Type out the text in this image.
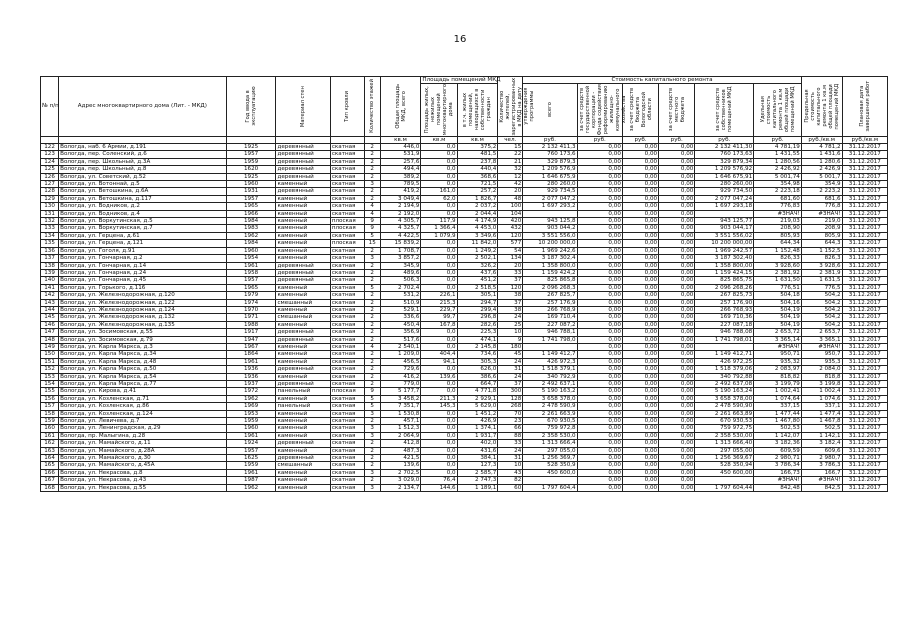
16
№ п/п	Адрес многоквартирного дома (Лит. - МКД)	Год ввода в эксплуатацию	Материал стен	Тип кровли	Количество этажей	Общая площадь МКД, всего	Площадь помещений МКД		Количество жителей, зарегистрированных в МКД на дату утверждения программы	Стоимость капитального ремонта						Предельная стоимость капитального ремонта 1 кв.м общей площади помещений МКД	Плановая дата завершения работ

							Площадь жилых, нежилых помещений многоквартирного дома	в т.ч. жилых помещений, находящихся в собственности граждан		всего	за счет средств государственной корпорации - Фонда содействия реформированию жилищно-коммунального хозяйства	за счет средств бюджета Вологодской области	за счет средств местного бюджета	за счет средств собственников помещений МКД	Удельная стоимость капитального ремонта 1 кв.м общей площади помещений МКД		

						кв.м	кв.м	кв.м	чел.	руб.	руб.	руб.	руб.	руб.	руб.	руб./кв.м	руб./кв.м
122	Вологда, наб. 6 Армии, д.191	1925	деревянный	скатная	2	446,0	0,0	375,2	15	2 132 411,3	0,00	0,00	0,00	2 132 411,30	4 781,19	4 781,2	31.12.2017
123	Вологда, пер. Соленский, д.6	1957	деревянный	скатная	2	531,9	0,0	481,5	22	760 173,6	0,00	0,00	0,00	760 173,63	1 431,55	1 431,6	31.12.2017
124	Вологда, пер. Школьный, д.3А	1959	деревянный	скатная	2	257,6	0,0	237,8	21	329 879,3	0,00	0,00	0,00	329 879,34	1 280,56	1 280,6	31.12.2017
125	Вологда, пер. Школьный, д.8	1620	деревянный	скатная	2	494,4	0,0	440,4	32	1 209 576,9	0,00	0,00	0,00	1 209 576,92	2 426,92	2 426,9	31.12.2017
126	Вологда, ул. Советский, д.52	1925	деревянный	скатная	2	389,2	0,0	368,6	12	1 646 675,9	0,00	0,00	0,00	1 646 675,91	5 001,74	5 001,7	31.12.2017
127	Вологда, ул. Вотоннай, д.5	1960	каменный	скатная	3	789,5	0,0	721,5	42	280 260,0	0,00	0,00	0,00	280 260,00	354,98	354,9	31.12.2017
128	Вологда, ул. Ветошкина, д.6А	1931	деревянный	скатная	2	419,2	161,0	257,2	20	929 734,5	0,00	0,00	0,00	929 734,50	2 223,18	2 223,2	31.12.2017
129	Вологда, ул. Ветошкина, д.117	1957	каменный	скатная	2	3 049,4	62,0	1 826,7	48	2 077 047,2	0,00	0,00	0,00	2 077 047,24	681,60	681,6	31.12.2017
130	Вологда, ул. Водников, д.2	1965	каменный	скатная	4	2 194,9	0,0	2 037,2	100	1 697 293,2	0,00	0,00	0,00	1 697 293,18	776,83	776,8	31.12.2017
131	Вологда, ул. Водников, д.4	1966	каменный	скатная	4	2 192,0	0,0	2 044,4	104		0,00	0,00	0,00		#ЗНАЧ!	#ЗНАЧ!	31.12.2017
132	Вологда, ул. Воркутинская, д.5	1984	каменный	плоская	9	4 305,7	117,9	4 174,9	420	943 125,8	0,00	0,00	0,00	943 125,77	219,03	219,0	31.12.2017
133	Вологда, ул. Воркутинская, д.7	1983	каменный	плоская	9	4 325,7	1 366,4	4 453,0	432	903 044,2	0,00	0,00	0,00	903 044,17	208,90	208,9	31.12.2017
134	Вологда, ул. Герцена, д.61	1962	каменный	скатная	5	4 422,5	1 079,9	3 349,6	120	3 551 556,0	0,00	0,00	0,00	3 551 556,02	805,93	805,9	31.12.2017
135	Вологда, ул. Герцена, д.121	1984	каменный	плоская	15	15 839,2	0,0	11 842,0	577	10 200 000,0	0,00	0,00	0,00	10 200 000,00	644,34	644,3	31.12.2017
136	Вологда, ул. Гоголя, д.91	1960	каменный	скатная	2	1 708,7	0,0	1 249,2	54	1 969 242,6	0,00	0,00	0,00	1 969 242,57	1 152,48	1 152,5	31.12.2017
137	Вологда, ул. Гончарная, д.2	1954	каменный	скатная	3	3 857,2	0,0	2 502,1	134	3 187 302,4	0,00	0,00	0,00	3 187 302,40	826,33	826,3	31.12.2017
138	Вологда, ул. Гончарная, д.14	1961	деревянный	скатная	2	345,9	0,0	326,2	20	1 358 800,0	0,00	0,00	0,00	1 358 800,00	3 928,60	3 928,6	31.12.2017
139	Вологда, ул. Гончарная, д.24	1958	деревянный	скатная	2	489,6	0,0	437,6	33	1 159 424,2	0,00	0,00	0,00	1 159 424,15	2 381,92	2 381,9	31.12.2017
140	Вологда, ул. Гончарная, д.45	1957	деревянный	скатная	2	506,3	0,0	451,2	37	825 865,8	0,00	0,00	0,00	825 865,75	1 631,50	1 631,5	31.12.2017
141	Вологда, ул. Горького, д.116	1965	каменный	скатная	5	2 702,4	0,0	2 518,5	120	2 096 268,3	0,00	0,00	0,00	2 096 268,26	776,51	776,5	31.12.2017
142	Вологда, ул. Железнодорожная, д.120	1979	каменный	скатная	2	531,2	226,1	305,1	38	267 825,7	0,00	0,00	0,00	267 825,73	504,18	504,2	31.12.2017
143	Вологда, ул. Железнодорожная, д.122	1974	смешанный	скатная	2	510,9	215,3	294,7	37	257 176,9	0,00	0,00	0,00	257 176,90	504,16	504,2	31.12.2017
144	Вологда, ул. Железнодорожная, д.124	1970	каменный	скатная	2	529,1	229,7	299,4	38	266 768,9	0,00	0,00	0,00	266 768,93	504,19	504,2	31.12.2017
145	Вологда, ул. Железнодорожная, д.132	1971	смешанный	скатная	2	336,6	99,7	296,8	24	169 710,4	0,00	0,00	0,00	169 710,36	504,19	504,2	31.12.2017
146	Вологда, ул. Железнодорожная, д.135	1988	каменный	скатная	2	450,4	167,8	282,6	25	227 087,2	0,00	0,00	0,00	227 087,18	504,19	504,2	31.12.2017
147	Вологда, ул. Зосимовская, д.55	1917	деревянный	скатная	2	356,9	0,0	225,3	10	946 788,1	0,00	0,00	0,00	946 788,08	2 653,72	2 653,7	31.12.2017
148	Вологда, ул. Зосимовская, д.79	1947	деревянный	скатная	2	517,6	0,0	474,1	9	1 741 798,0	0,00	0,00	0,00	1 741 798,01	3 365,14	3 365,1	31.12.2017
149	Вологда, ул. Карла Маркса, д.3	1967	каменный	скатная	4	2 540,1	0,0	2 145,8	180		0,00	0,00	0,00		#ЗНАЧ!	#ЗНАЧ!	31.12.2017
150	Вологда, ул. Карла Маркса, д.34	1864	каменный	скатная	2	1 209,0	404,4	734,6	45	1 149 412,7	0,00	0,00	0,00	1 149 412,71	950,71	950,7	31.12.2017
151	Вологда, ул. Карла Маркса, д.48	1961	каменный	скатная	2	456,5	94,1	305,3	24	426 972,3	0,00	0,00	0,00	426 972,25	935,32	935,3	31.12.2017
152	Вологда, ул. Карла Маркса, д.50	1936	деревянный	скатная	2	729,6	0,0	626,0	31	1 518 379,1	0,00	0,00	0,00	1 518 379,06	2 083,97	2 084,0	31.12.2017
153	Вологда, ул. Карла Маркса, д.54	1936	каменный	скатная	2	416,2	139,6	386,6	24	340 792,9	0,00	0,00	0,00	340 792,88	818,82	818,8	31.12.2017
154	Вологда, ул. Карла Маркса, д.77	1937	деревянный	скатная	2	779,0	0,0	664,7	37	2 492 637,1	0,00	0,00	0,00	2 492 637,08	3 199,79	3 199,8	31.12.2017
155	Вологда, ул. Кирова, д.41	1972	панельный	плоская	9	5 177,7	0,0	4 771,8	300	5 190 163,2	0,00	0,00	0,00	5 190 163,24	1 002,41	1 002,4	31.12.2017
156	Вологда, ул. Козленская, д.71	1962	каменный	скатная	5	3 458,2	211,3	2 929,1	128	3 658 378,0	0,00	0,00	0,00	3 658 378,00	1 074,64	1 074,6	31.12.2017
157	Вологда, ул. Козленская, д.86	1969	панельный	скатная	5	7 351,7	145,3	5 629,0	268	2 478 590,9	0,00	0,00	0,00	2 478 590,90	337,15	337,1	31.12.2017
158	Вологда, ул. Козленская, д.124	1953	каменный	скатная	3	1 530,8	0,0	1 451,2	70	2 261 663,9	0,00	0,00	0,00	2 261 663,89	1 477,44	1 477,4	31.12.2017
159	Вологда, ул. Левичева, д.7	1959	каменный	скатная	2	457,1	0,0	426,9	23	670 930,5	0,00	0,00	0,00	670 930,53	1 467,80	1 467,8	31.12.2017
160	Вологда, ул. Ленинградская, д.29	1960	каменный	скатная	3	1 512,3	0,0	1 374,1	66	759 972,8	0,00	0,00	0,00	759 972,75	502,53	502,5	31.12.2017
161	Вологда, пр. Малыгина, д.28	1961	каменный	скатная	3	2 064,9	0,0	1 931,7	88	2 358 530,0	0,00	0,00	0,00	2 358 530,00	1 142,07	1 142,1	31.12.2017
162	Вологда, ул. Мамайского, д.11	1924	деревянный	скатная	2	412,8	0,0	402,0	33	1 313 666,4	0,00	0,00	0,00	1 313 666,40	3 182,36	3 182,4	31.12.2017
163	Вологда, ул. Мамайского, д.28А	1957	каменный	скатная	2	487,3	0,0	431,6	24	297 055,0	0,00	0,00	0,00	297 055,00	609,59	609,6	31.12.2017
164	Вологда, ул. Мамайского, д.30	1625	деревянный	скатная	2	421,5	0,0	384,1	31	1 256 369,7	0,00	0,00	0,00	1 256 369,67	2 980,71	2 980,7	31.12.2017
165	Вологда, ул. Мамайского, д.45А	1959	смешанный	скатная	2	139,6	0,0	127,3	10	528 350,9	0,00	0,00	0,00	528 350,94	3 786,34	3 786,3	31.12.2017
166	Вологда, ул. Некрасова, д.8	1961	каменный	скатная	3	2 702,5	0,0	2 585,7	43	450 600,0	0,00	0,00	0,00	450 600,00	166,73	166,7	31.12.2017
167	Вологда, ул. Некрасова, д.43	1987	каменный	скатная	2	3 029,0	76,4	2 747,3	82		0,00	0,00	0,00		#ЗНАЧ!	#ЗНАЧ!	31.12.2017
168	Вологда, ул. Некрасова, д.55	1962	каменный	скатная	3	2 134,7	144,6	1 189,1	60	1 797 604,4	0,00	0,00	0,00	1 797 604,44	842,48	842,5	31.12.2017
